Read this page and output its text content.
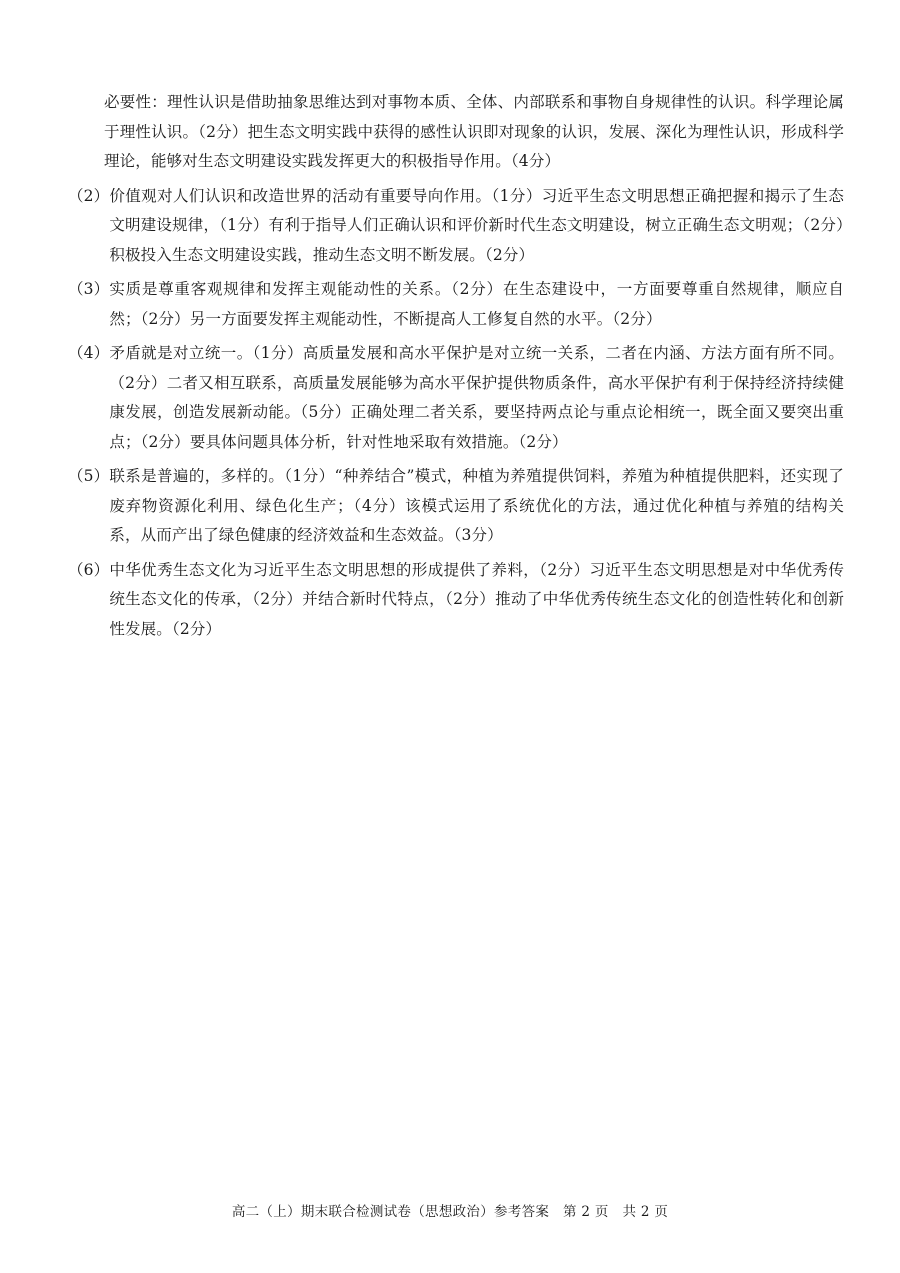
必要性：理性认识是借助抽象思维达到对事物本质、全体、内部联系和事物自身规律性的认识。科学理论属于理性认识。（2分）把生态文明实践中获得的感性认识即对现象的认识，发展、深化为理性认识，形成科学理论，能够对生态文明建设实践发挥更大的积极指导作用。（4分）

（2） 价值观对人们认识和改造世界的活动有重要导向作用。（1分）习近平生态文明思想正确把握和揭示了生态文明建设规律，（1分）有利于指导人们正确认识和评价新时代生态文明建设，树立正确生态文明观；（2分）积极投入生态文明建设实践，推动生态文明不断发展。（2分）
（3） 实质是尊重客观规律和发挥主观能动性的关系。（2分）在生态建设中，一方面要尊重自然规律，顺应自然；（2分）另一方面要发挥主观能动性，不断提高人工修复自然的水平。（2分）
（4） 矛盾就是对立统一。（1分）高质量发展和高水平保护是对立统一关系，二者在内涵、方法方面有所不同。（2分）二者又相互联系，高质量发展能够为高水平保护提供物质条件，高水平保护有利于保持经济持续健康发展，创造发展新动能。（5分）正确处理二者关系，要坚持两点论与重点论相统一，既全面又要突出重点；（2分）要具体问题具体分析，针对性地采取有效措施。（2分）
（5） 联系是普遍的，多样的。（1分）“种养结合”模式，种植为养殖提供饲料，养殖为种植提供肥料，还实现了废弃物资源化利用、绿色化生产；（4分）该模式运用了系统优化的方法，通过优化种植与养殖的结构关系，从而产出了绿色健康的经济效益和生态效益。（3分）
（6） 中华优秀生态文化为习近平生态文明思想的形成提供了养料，（2分）习近平生态文明思想是对中华优秀传统生态文化的传承，（2分）并结合新时代特点，（2分）推动了中华优秀传统生态文化的创造性转化和创新性发展。（2分）
高二（上）期末联合检测试卷（思想政治）参考答案　第 2 页　共 2 页
